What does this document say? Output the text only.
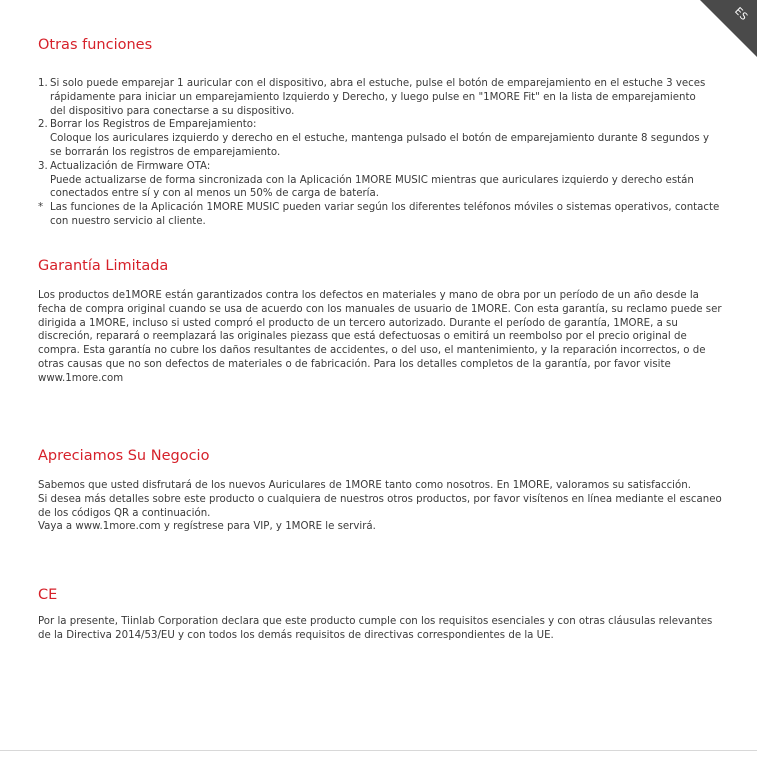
ES
Otras funciones
1. Si solo puede emparejar 1 auricular con el dispositivo, abra el estuche, pulse el botón de emparejamiento en el estuche 3 veces
rápidamente para iniciar un emparejamiento Izquierdo y Derecho, y luego pulse en "1MORE Fit" en la lista de emparejamiento
del dispositivo para conectarse a su dispositivo.
2. Borrar los Registros de Emparejamiento:
Coloque los auriculares izquierdo y derecho en el estuche, mantenga pulsado el botón de emparejamiento durante 8 segundos y
se borrarán los registros de emparejamiento.
3. Actualización de Firmware OTA:
Puede actualizarse de forma sincronizada con la Aplicación 1MORE MUSIC mientras que auriculares izquierdo y derecho están
conectados entre sí y con al menos un 50% de carga de batería.
* Las funciones de la Aplicación 1MORE MUSIC pueden variar según los diferentes teléfonos móviles o sistemas operativos, contacte
con nuestro servicio al cliente.
Garantía Limitada

Los productos de1MORE están garantizados contra los defectos en materiales y mano de obra por un período de un año desde la

fecha de compra original cuando se usa de acuerdo con los manuales de usuario de 1MORE. Con esta garantía, su reclamo puede ser

dirigida a 1MORE, incluso si usted compró el producto de un tercero autorizado. Durante el período de garantía, 1MORE, a su

discreción, reparará o reemplazará las originales piezass que está defectuosas o emitirá un reembolso por el precio original de

compra. Esta garantía no cubre los daños resultantes de accidentes, o del uso, el mantenimiento, y la reparación incorrectos, o de

otras causas que no son defectos de materiales o de fabricación. Para los detalles completos de la garantía, por favor visite

www.1more.com

Apreciamos Su Negocio

Sabemos que usted disfrutará de los nuevos Auriculares de 1MORE tanto como nosotros. En 1MORE, valoramos su satisfacción.

Si desea más detalles sobre este producto o cualquiera de nuestros otros productos, por favor visítenos en línea mediante el escaneo

de los códigos QR a continuación.

Vaya a www.1more.com y regístrese para VIP, y 1MORE le servirá.

CE

Por la presente, Tiinlab Corporation declara que este producto cumple con los requisitos esenciales y con otras cláusulas relevantes

de la Directiva 2014/53/EU y con todos los demás requisitos de directivas correspondientes de la UE.
